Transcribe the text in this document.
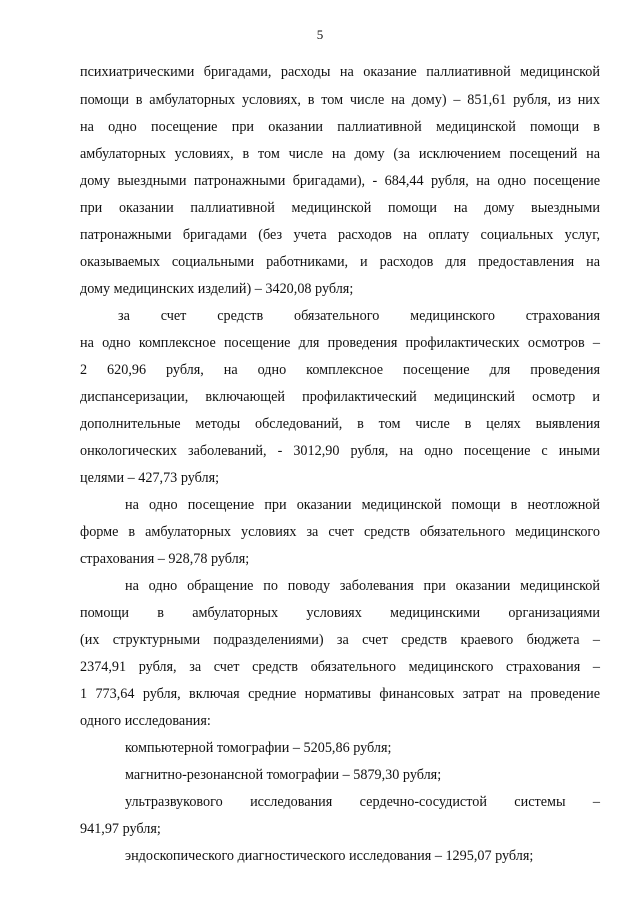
5
психиатрическими бригадами, расходы на оказание паллиативной медицинской
помощи в амбулаторных условиях, в том числе на дому) – 851,61 рубля, из них
на одно посещение при оказании паллиативной медицинской помощи в
амбулаторных условиях, в том числе на дому (за исключением посещений на
дому выездными патронажными бригадами), - 684,44 рубля, на одно посещение
при оказании паллиативной медицинской помощи на дому выездными
патронажными бригадами (без учета расходов на оплату социальных услуг,
оказываемых социальными работниками, и расходов для предоставления на
дому медицинских изделий) – 3420,08 рубля;
за счет средств обязательного медицинского страхования
на одно комплексное посещение для проведения профилактических осмотров –
2 620,96 рубля, на одно комплексное посещение для проведения
диспансеризации, включающей профилактический медицинский осмотр и
дополнительные методы обследований, в том числе в целях выявления
онкологических заболеваний, - 3012,90 рубля, на одно посещение с иными
целями – 427,73 рубля;
на одно посещение при оказании медицинской помощи в неотложной
форме в амбулаторных условиях за счет средств обязательного медицинского
страхования – 928,78 рубля;
на одно обращение по поводу заболевания при оказании медицинской
помощи в амбулаторных условиях медицинскими организациями
(их структурными подразделениями) за счет средств краевого бюджета –
2374,91 рубля, за счет средств обязательного медицинского страхования –
1 773,64 рубля, включая средние нормативы финансовых затрат на проведение
одного исследования:
компьютерной томографии – 5205,86 рубля;
магнитно-резонансной томографии – 5879,30 рубля;
ультразвукового исследования сердечно-сосудистой системы –
941,97 рубля;
эндоскопического диагностического исследования – 1295,07 рубля;
